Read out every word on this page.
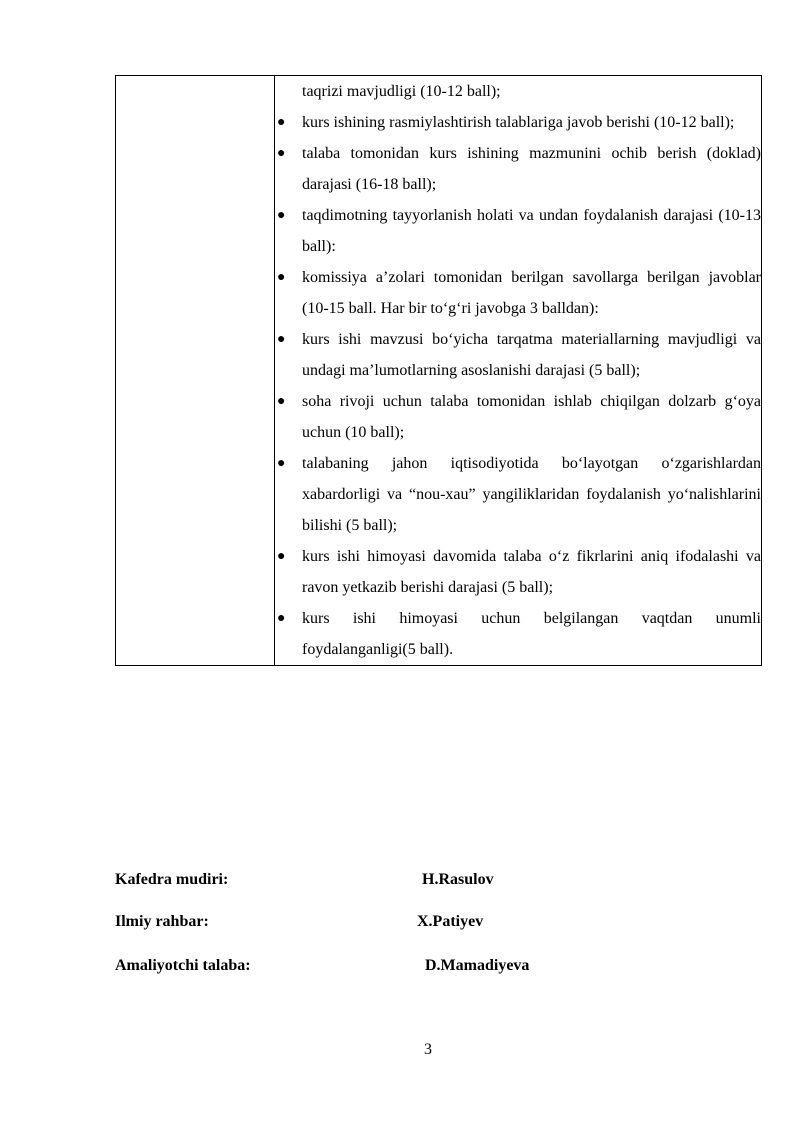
taqrizi mavjudligi (10-12 ball);
● kurs ishining rasmiylashtirish talablariga javob berishi (10-12 ball);
● talaba tomonidan kurs ishining mazmunini ochib berish (doklad) darajasi (16-18 ball);
● taqdimotning tayyorlanish holati va undan foydalanish darajasi (10-13 ball):
● komissiya a’zolari tomonidan berilgan savollarga berilgan javoblar (10-15 ball. Har bir to‘g‘ri javobga 3 balldan):
● kurs ishi mavzusi bo‘yicha tarqatma materiallarning mavjudligi va undagi ma’lumotlarning asoslanishi darajasi (5 ball);
● soha rivoji uchun talaba tomonidan ishlab chiqilgan dolzarb g‘oya uchun (10 ball);
● talabaning jahon iqtisodiyotida bo‘layotgan o‘zgarishlardan xabardorligi va “nou-xau” yangiliklaridan foydalanish yo‘nalishlarini bilishi (5 ball);
● kurs ishi himoyasi davomida talaba o‘z fikrlarini aniq ifodalashi va ravon yetkazib berishi darajasi (5 ball);
● kurs ishi himoyasi uchun belgilangan vaqtdan unumli foydalanganligi(5 ball).
Kafedra mudiri:	H.Rasulov
Ilmiy rahbar:	X.Patiyev
Amaliyotchi talaba:	D.Mamadiyeva
3
